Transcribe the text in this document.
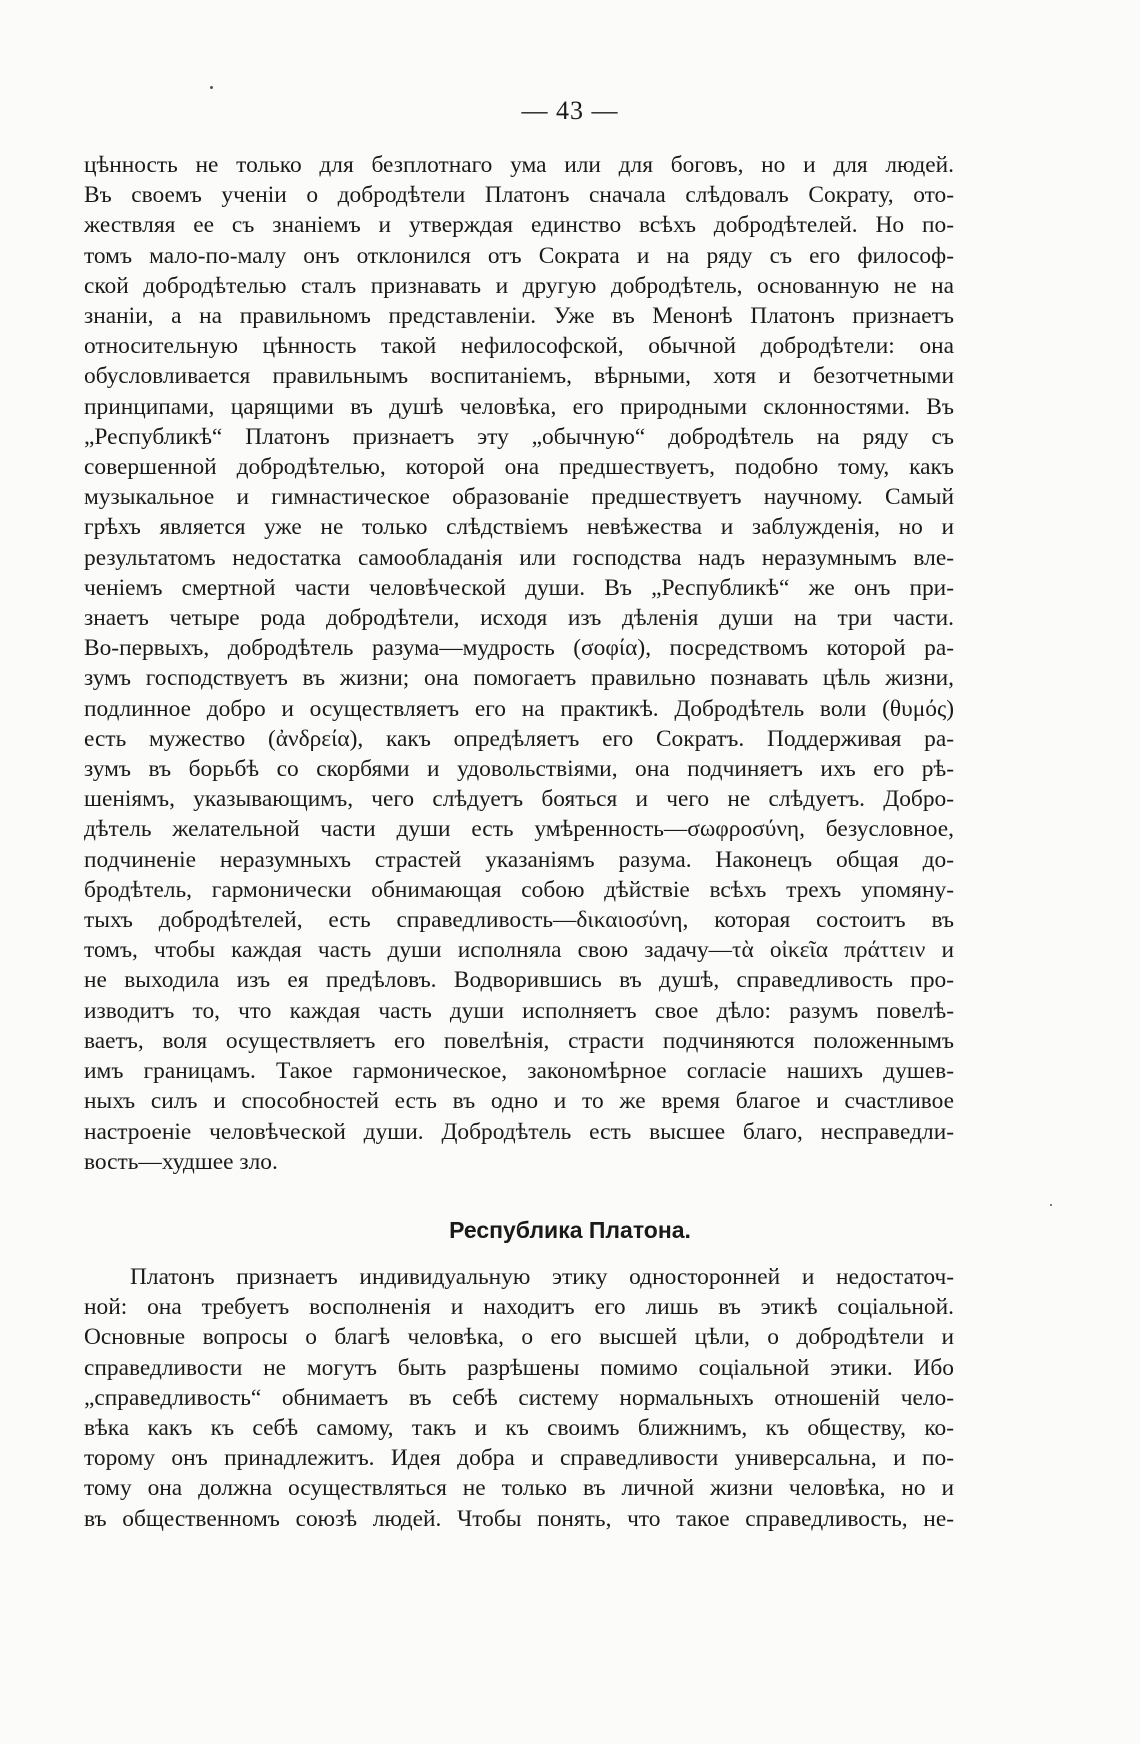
— 43 —
цѣнность не только для безплотнаго ума или для боговъ, но и для людей.
Въ своемъ ученіи о добродѣтели Платонъ сначала слѣдовалъ Сократу, ото-
жествляя ее съ знаніемъ и утверждая единство всѣхъ добродѣтелей. Но по-
томъ мало-по-малу онъ отклонился отъ Сократа и на ряду съ его философ-
ской добродѣтелью сталъ признавать и другую добродѣтель, основанную не на
знаніи, а на правильномъ представленіи. Уже въ Менонѣ Платонъ признаетъ
относительную цѣнность такой нефилософской, обычной добродѣтели: она
обусловливается правильнымъ воспитаніемъ, вѣрными, хотя и безотчетными
принципами, царящими въ душѣ человѣка, его природными склонностями. Въ
„Республикѣ“ Платонъ признаетъ эту „обычную“ добродѣтель на ряду съ
совершенной добродѣтелью, которой она предшествуетъ, подобно тому, какъ
музыкальное и гимнастическое образованіе предшествуетъ научному. Самый
грѣхъ является уже не только слѣдствіемъ невѣжества и заблужденія, но и
результатомъ недостатка самообладанія или господства надъ неразумнымъ вле-
ченіемъ смертной части человѣческой души. Въ „Республикѣ“ же онъ при-
знаетъ четыре рода добродѣтели, исходя изъ дѣленія души на три части.
Во-первыхъ, добродѣтель разума—мудрость (σοφία), посредствомъ которой ра-
зумъ господствуетъ въ жизни; она помогаетъ правильно познавать цѣль жизни,
подлинное добро и осуществляетъ его на практикѣ. Добродѣтель воли (θυμός)
есть мужество (ἀνδρεία), какъ опредѣляетъ его Сократъ. Поддерживая ра-
зумъ въ борьбѣ со скорбями и удовольствіями, она подчиняетъ ихъ его рѣ-
шеніямъ, указывающимъ, чего слѣдуетъ бояться и чего не слѣдуетъ. Добро-
дѣтель желательной части души есть умѣренность—σωφροσύνη, безусловное,
подчиненіе неразумныхъ страстей указаніямъ разума. Наконецъ общая до-
бродѣтель, гармонически обнимающая собою дѣйствіе всѣхъ трехъ упомяну-
тыхъ добродѣтелей, есть справедливость—δικαιοσύνη, которая состоитъ въ
томъ, чтобы каждая часть души исполняла свою задачу—τὰ οἰκεῖα πράττειν и
не выходила изъ ея предѣловъ. Водворившись въ душѣ, справедливость про-
изводитъ то, что каждая часть души исполняетъ свое дѣло: разумъ повелѣ-
ваетъ, воля осуществляетъ его повелѣнія, страсти подчиняются положеннымъ
имъ границамъ. Такое гармоническое, закономѣрное согласіе нашихъ душев-
ныхъ силъ и способностей есть въ одно и то же время благое и счастливое
настроеніе человѣческой души. Добродѣтель есть высшее благо, несправедли-
вость—худшее зло.
Республика Платона.
Платонъ признаетъ индивидуальную этику односторонней и недостаточ-
ной: она требуетъ восполненія и находитъ его лишь въ этикѣ соціальной.
Основные вопросы о благѣ человѣка, о его высшей цѣли, о добродѣтели и
справедливости не могутъ быть разрѣшены помимо соціальной этики. Ибо
„справедливость“ обнимаетъ въ себѣ систему нормальныхъ отношеній чело-
вѣка какъ къ себѣ самому, такъ и къ своимъ ближнимъ, къ обществу, ко-
торому онъ принадлежитъ. Идея добра и справедливости универсальна, и по-
тому она должна осуществляться не только въ личной жизни человѣка, но и
въ общественномъ союзѣ людей. Чтобы понять, что такое справедливость, не-
